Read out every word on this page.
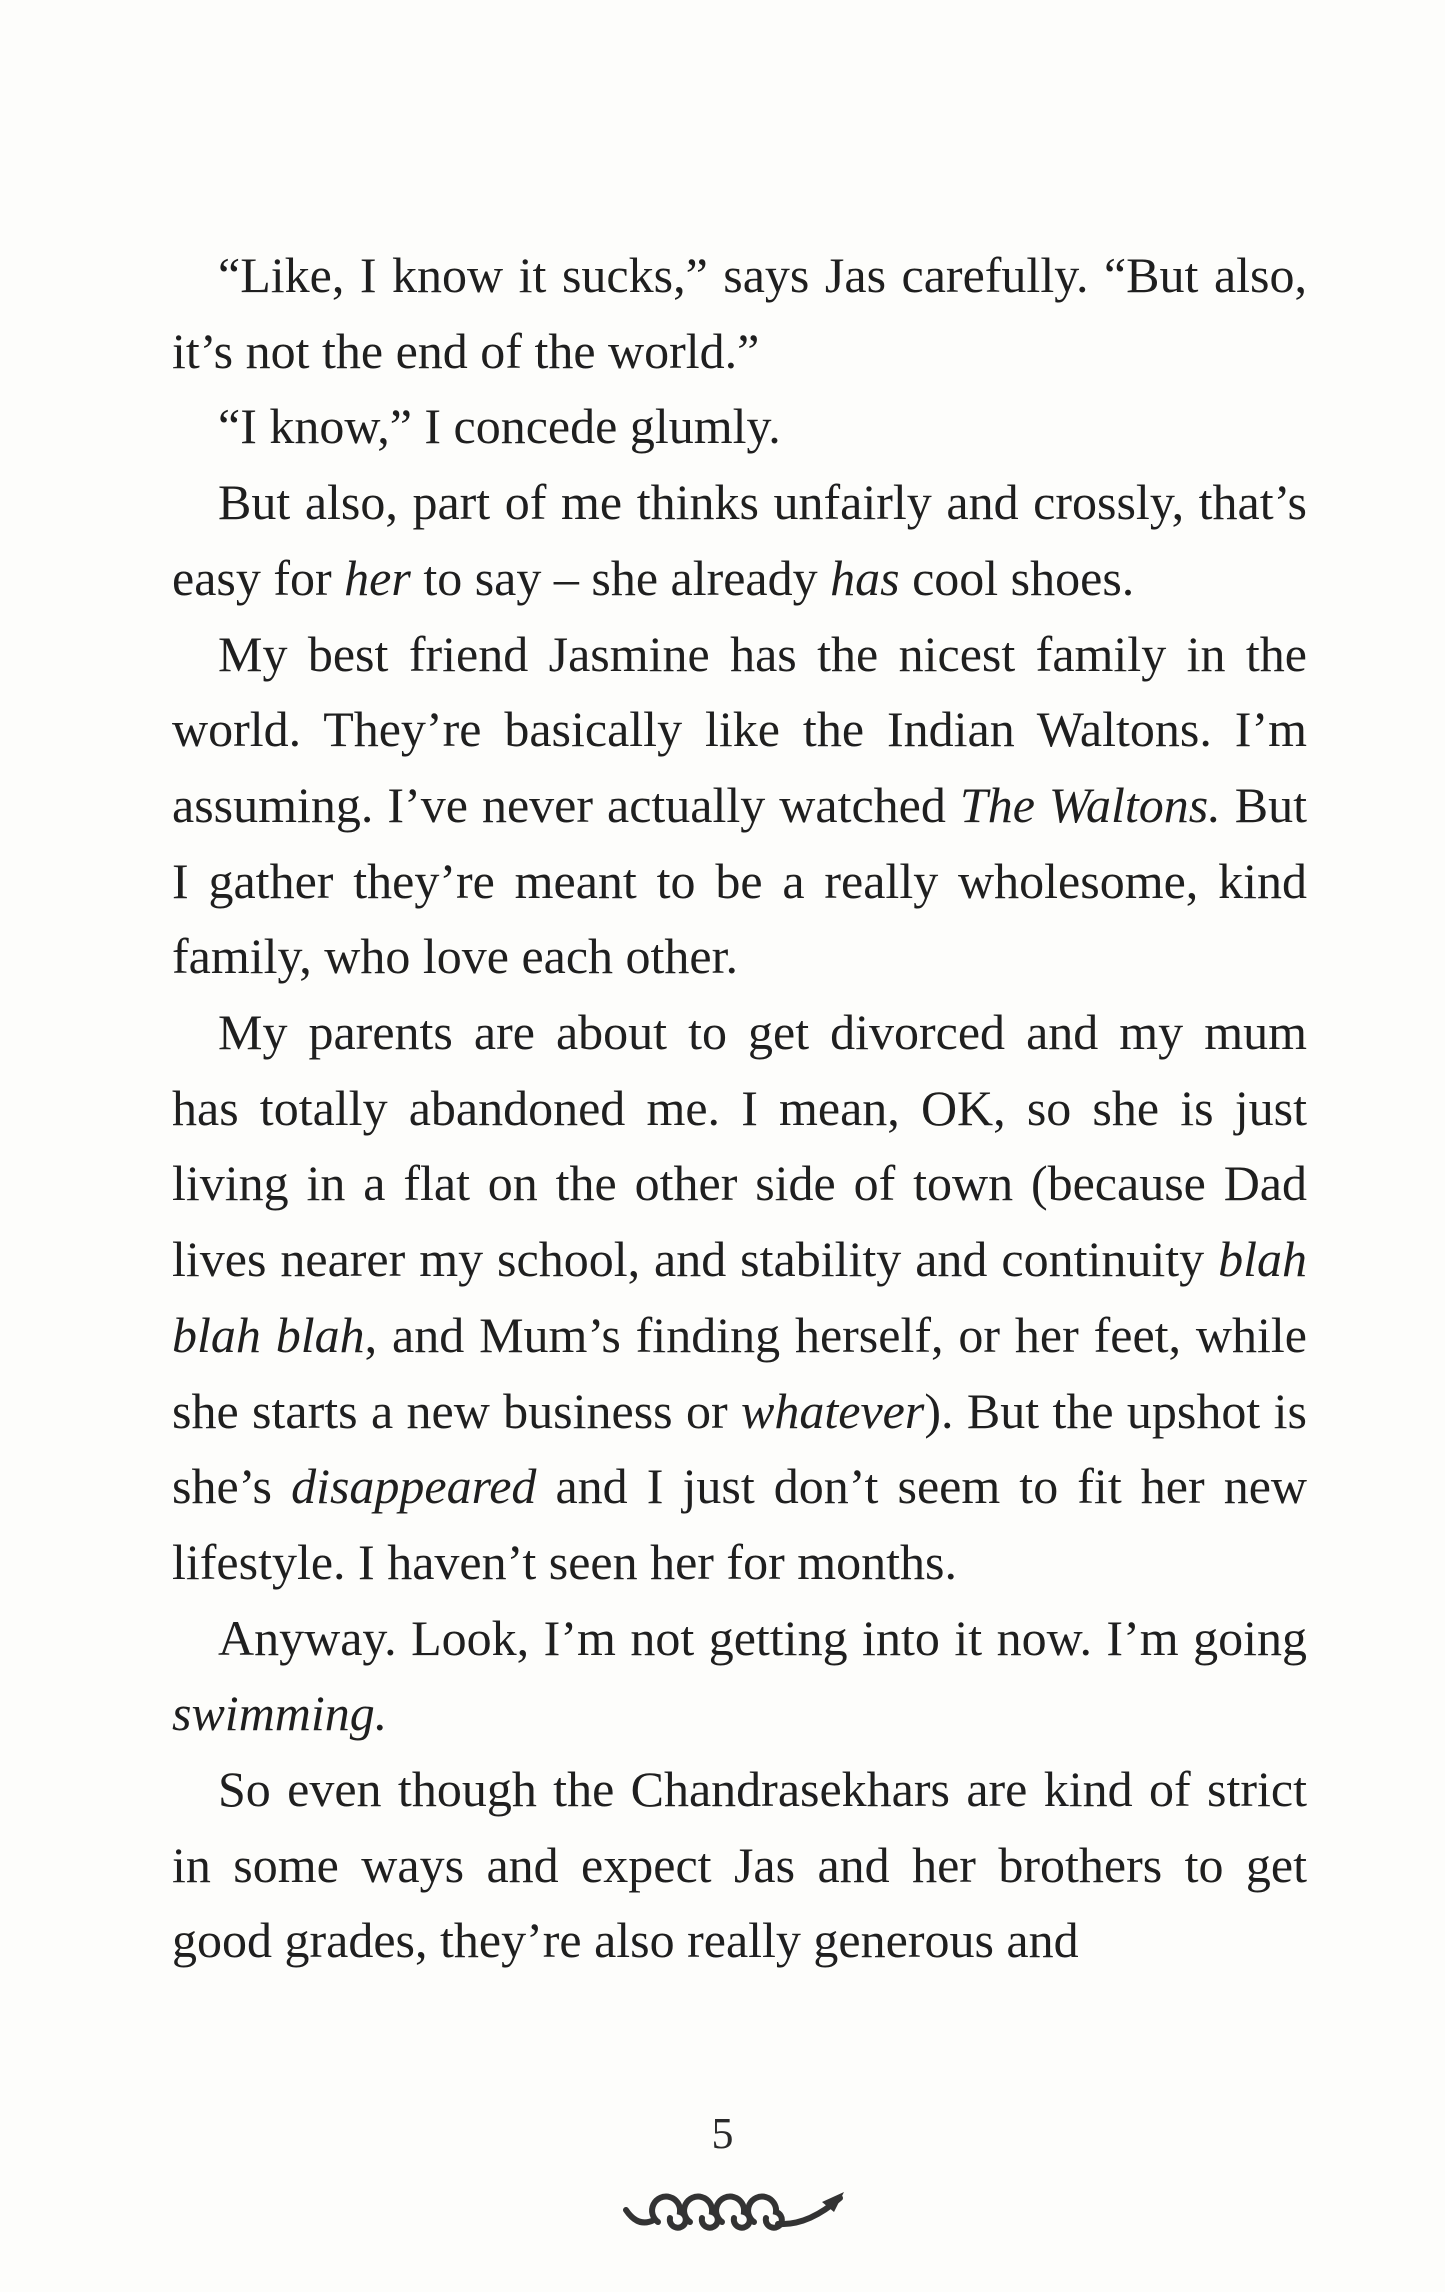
“Like, I know it sucks,” says Jas carefully. “But also, it’s not the end of the world.”

“I know,” I concede glumly.

But also, part of me thinks unfairly and crossly, that’s easy for her to say – she already has cool shoes.

My best friend Jasmine has the nicest family in the world. They’re basically like the Indian Waltons. I’m assuming. I’ve never actually watched The Waltons. But I gather they’re meant to be a really wholesome, kind family, who love each other.

My parents are about to get divorced and my mum has totally abandoned me. I mean, OK, so she is just living in a flat on the other side of town (because Dad lives nearer my school, and stability and continuity blah blah blah, and Mum’s finding herself, or her feet, while she starts a new business or whatever). But the upshot is she’s disappeared and I just don’t seem to fit her new lifestyle. I haven’t seen her for months.

Anyway. Look, I’m not getting into it now. I’m going swimming.

So even though the Chandrasekhars are kind of strict in some ways and expect Jas and her brothers to get good grades, they’re also really generous and

5
